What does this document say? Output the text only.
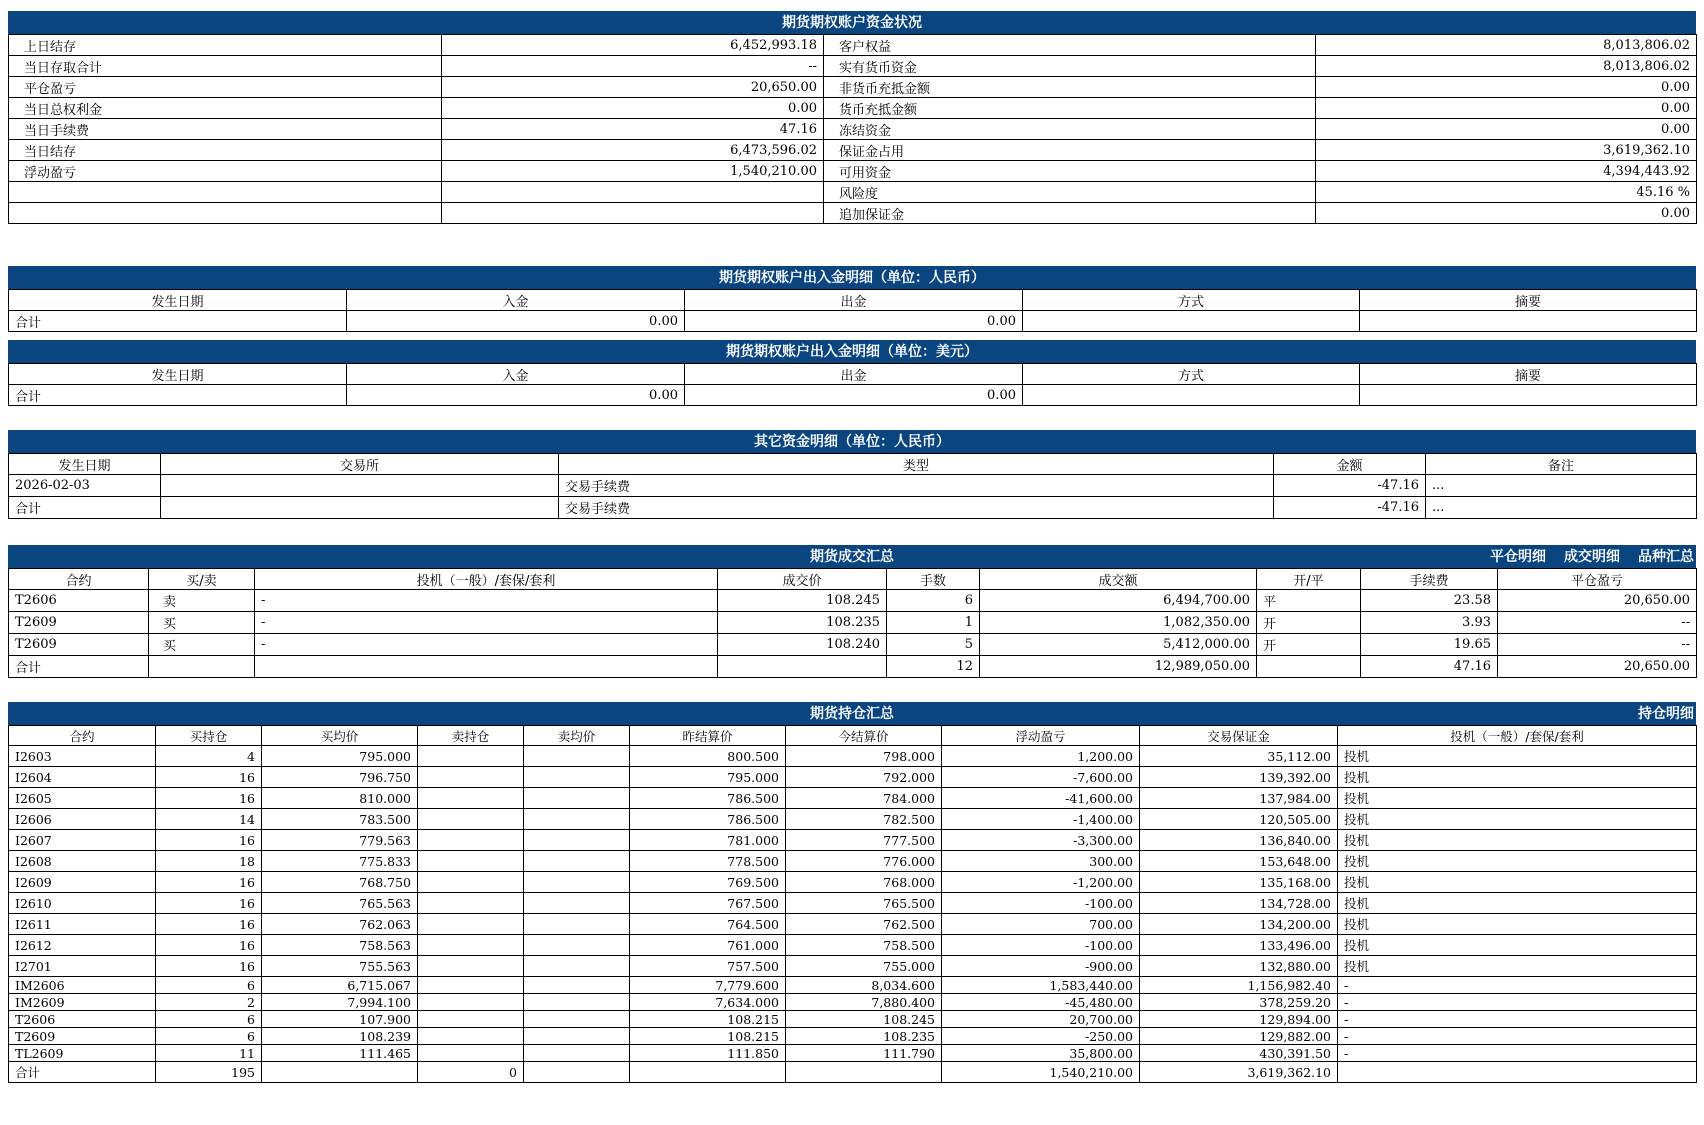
期货期权账户资金状况
上日结存	6,452,993.18	客户权益	8,013,806.02
当日存取合计	--	实有货币资金	8,013,806.02
平仓盈亏	20,650.00	非货币充抵金额	0.00
当日总权利金	0.00	货币充抵金额	0.00
当日手续费	47.16	冻结资金	0.00
当日结存	6,473,596.02	保证金占用	3,619,362.10
浮动盈亏	1,540,210.00	可用资金	4,394,443.92
		风险度	45.16 %
		追加保证金	0.00
期货期权账户出入金明细（单位：人民币）
发生日期	入金	出金	方式	摘要
合计	0.00	0.00		
期货期权账户出入金明细（单位：美元）
发生日期	入金	出金	方式	摘要
合计	0.00	0.00		
其它资金明细（单位：人民币）
发生日期	交易所	类型	金额	备注
2026-02-03		交易手续费	-47.16	...
合计		交易手续费	-47.16	...
期货成交汇总	平仓明细 成交明细 品种汇总
合约	买/卖	投机（一般）/套保/套利	成交价	手数	成交额	开/平	手续费	平仓盈亏
T2606	卖	-	108.245	6	6,494,700.00	平	23.58	20,650.00
T2609	买	-	108.235	1	1,082,350.00	开	3.93	--
T2609	买	-	108.240	5	5,412,000.00	开	19.65	--
合计				12	12,989,050.00		47.16	20,650.00
期货持仓汇总	持仓明细
合约	买持仓	买均价	卖持仓	卖均价	昨结算价	今结算价	浮动盈亏	交易保证金	投机（一般）/套保/套利
I2603	4	795.000			800.500	798.000	1,200.00	35,112.00	投机
I2604	16	796.750			795.000	792.000	-7,600.00	139,392.00	投机
I2605	16	810.000			786.500	784.000	-41,600.00	137,984.00	投机
I2606	14	783.500			786.500	782.500	-1,400.00	120,505.00	投机
I2607	16	779.563			781.000	777.500	-3,300.00	136,840.00	投机
I2608	18	775.833			778.500	776.000	300.00	153,648.00	投机
I2609	16	768.750			769.500	768.000	-1,200.00	135,168.00	投机
I2610	16	765.563			767.500	765.500	-100.00	134,728.00	投机
I2611	16	762.063			764.500	762.500	700.00	134,200.00	投机
I2612	16	758.563			761.000	758.500	-100.00	133,496.00	投机
I2701	16	755.563			757.500	755.000	-900.00	132,880.00	投机
IM2606	6	6,715.067			7,779.600	8,034.600	1,583,440.00	1,156,982.40	-
IM2609	2	7,994.100			7,634.000	7,880.400	-45,480.00	378,259.20	-
T2606	6	107.900			108.215	108.245	20,700.00	129,894.00	-
T2609	6	108.239			108.215	108.235	-250.00	129,882.00	-
TL2609	11	111.465			111.850	111.790	35,800.00	430,391.50	-
合计	195		0				1,540,210.00	3,619,362.10	
